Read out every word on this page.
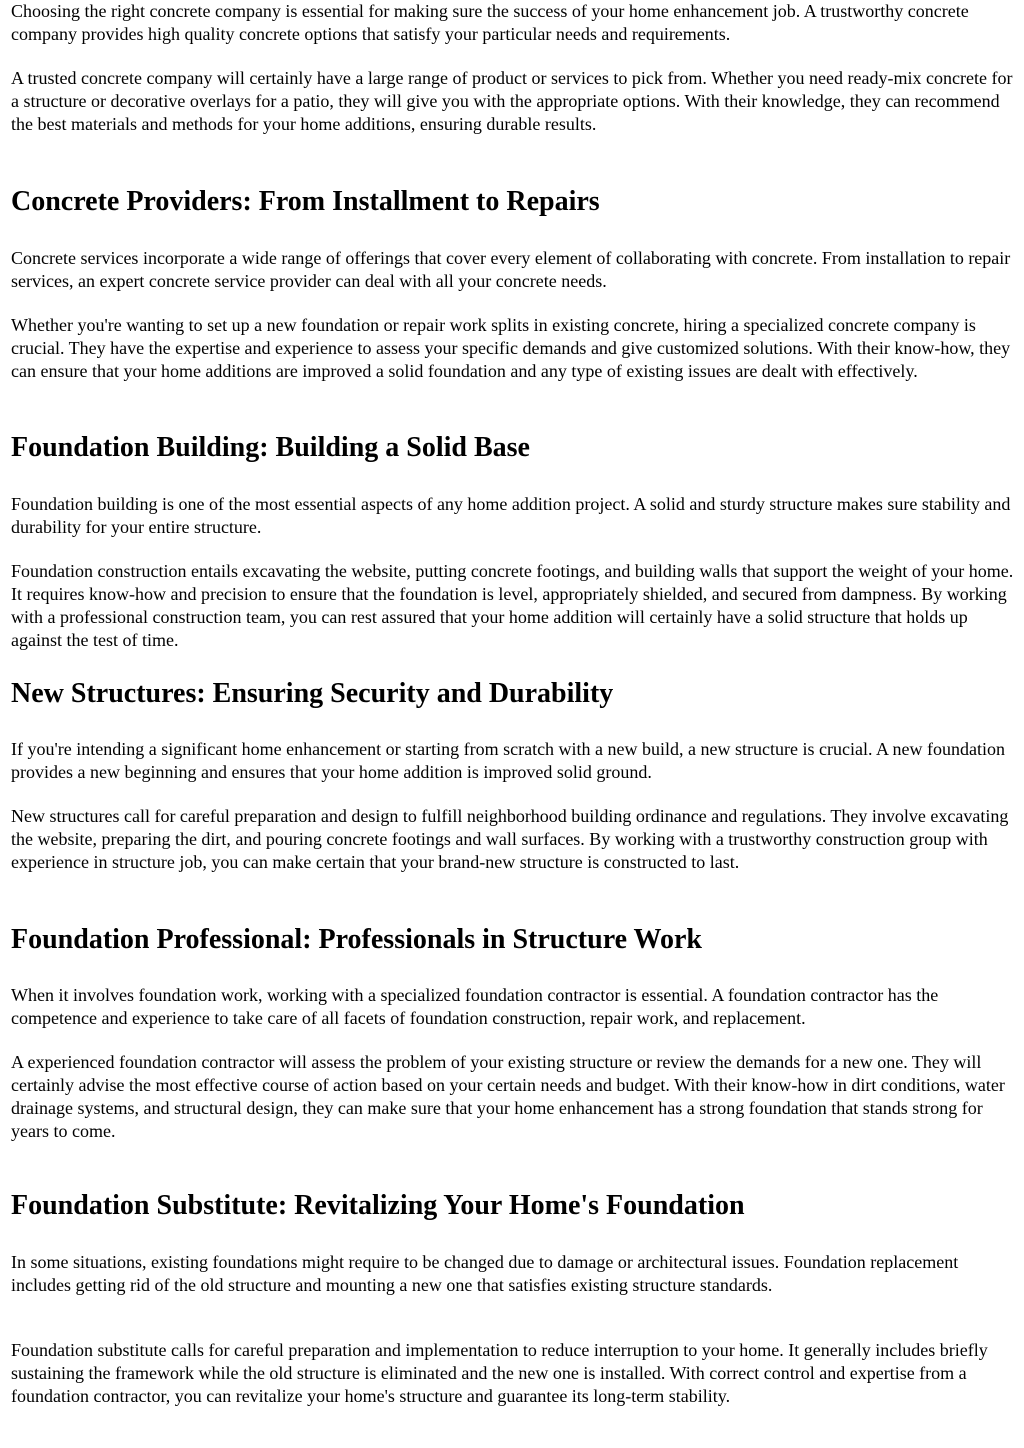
Choosing the right concrete company is essential for making sure the success of your home enhancement job. A trustworthy concrete company provides high quality concrete options that satisfy your particular needs and requirements.

A trusted concrete company will certainly have a large range of product or services to pick from. Whether you need ready-mix concrete for a structure or decorative overlays for a patio, they will give you with the appropriate options. With their knowledge, they can recommend the best materials and methods for your home additions, ensuring durable results.

Concrete Providers: From Installment to Repairs

Concrete services incorporate a wide range of offerings that cover every element of collaborating with concrete. From installation to repair services, an expert concrete service provider can deal with all your concrete needs.

Whether you're wanting to set up a new foundation or repair work splits in existing concrete, hiring a specialized concrete company is crucial. They have the expertise and experience to assess your specific demands and give customized solutions. With their know-how, they can ensure that your home additions are improved a solid foundation and any type of existing issues are dealt with effectively.

Foundation Building: Building a Solid Base

Foundation building is one of the most essential aspects of any home addition project. A solid and sturdy structure makes sure stability and durability for your entire structure.

Foundation construction entails excavating the website, putting concrete footings, and building walls that support the weight of your home. It requires know-how and precision to ensure that the foundation is level, appropriately shielded, and secured from dampness. By working with a professional construction team, you can rest assured that your home addition will certainly have a solid structure that holds up against the test of time.

New Structures: Ensuring Security and Durability

If you're intending a significant home enhancement or starting from scratch with a new build, a new structure is crucial. A new foundation provides a new beginning and ensures that your home addition is improved solid ground.

New structures call for careful preparation and design to fulfill neighborhood building ordinance and regulations. They involve excavating the website, preparing the dirt, and pouring concrete footings and wall surfaces. By working with a trustworthy construction group with experience in structure job, you can make certain that your brand-new structure is constructed to last.

Foundation Professional: Professionals in Structure Work

When it involves foundation work, working with a specialized foundation contractor is essential. A foundation contractor has the competence and experience to take care of all facets of foundation construction, repair work, and replacement.

A experienced foundation contractor will assess the problem of your existing structure or review the demands for a new one. They will certainly advise the most effective course of action based on your certain needs and budget. With their know-how in dirt conditions, water drainage systems, and structural design, they can make sure that your home enhancement has a strong foundation that stands strong for years to come.

Foundation Substitute: Revitalizing Your Home's Foundation

In some situations, existing foundations might require to be changed due to damage or architectural issues. Foundation replacement includes getting rid of the old structure and mounting a new one that satisfies existing structure standards.

Foundation substitute calls for careful preparation and implementation to reduce interruption to your home. It generally includes briefly sustaining the framework while the old structure is eliminated and the new one is installed. With correct control and expertise from a foundation contractor, you can revitalize your home's structure and guarantee its long-term stability.
